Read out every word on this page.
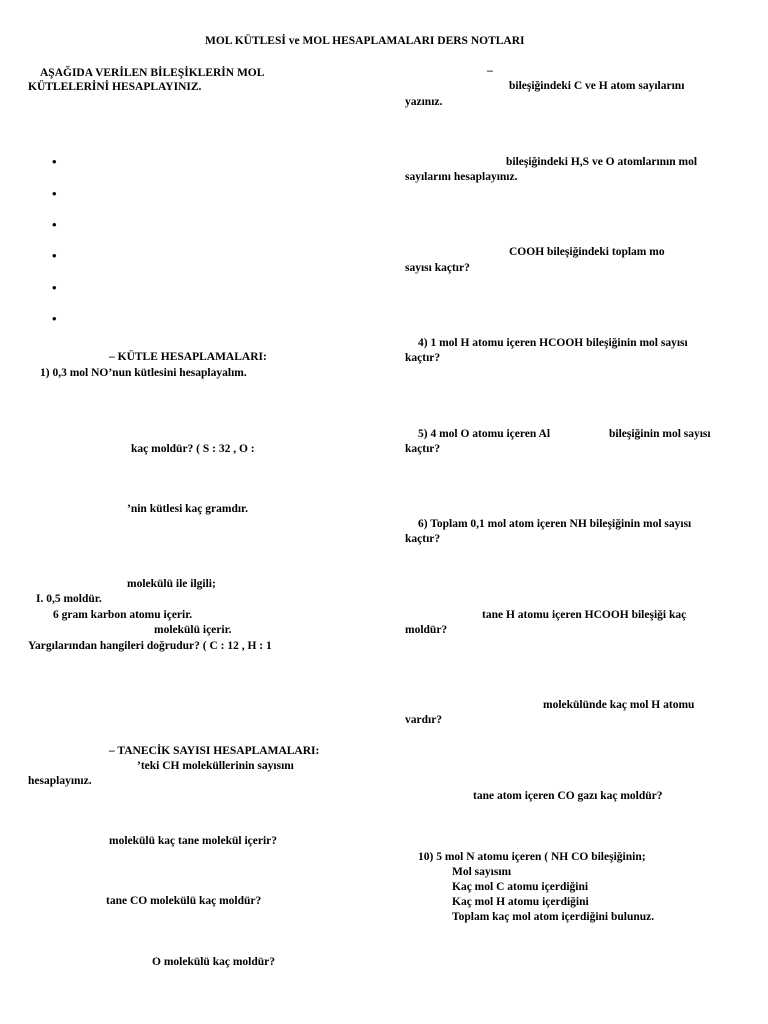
MOL KÜTLESİ ve MOL HESAPLAMALARI DERS NOTLARI
AŞAĞIDA VERİLEN BİLEŞİKLERİN MOL
KÜTLELERİNİ HESAPLAYINIZ.
•
•
•
•
•
•
– KÜTLE HESAPLAMALARI:
1) 0,3 mol NO’nun kütlesini hesaplayalım.
kaç moldür? ( S : 32 , O :
’nin kütlesi kaç gramdır.
molekülü ile ilgili;
I. 0,5 moldür.
6 gram karbon atomu içerir.
molekülü içerir.
Yargılarından hangileri doğrudur? ( C : 12 , H : 1
– TANECİK SAYISI HESAPLAMALARI:
’teki CH moleküllerinin sayısını
hesaplayınız.
molekülü kaç tane molekül içerir?
tane CO molekülü kaç moldür?
O molekülü kaç moldür?
–
bileşiğindeki C ve H atom sayılarını
yazınız.
bileşiğindeki H,S ve O atomlarının mol
sayılarını hesaplayınız.
COOH bileşiğindeki toplam mo
sayısı kaçtır?
4) 1 mol H atomu içeren HCOOH bileşiğinin mol sayısı
kaçtır?
5) 4 mol O atomu içeren Al	bileşiğinin mol sayısı
kaçtır?
6) Toplam 0,1 mol atom içeren NH bileşiğinin mol sayısı
kaçtır?
tane H atomu içeren HCOOH bileşiği kaç
moldür?
molekülünde kaç mol H atomu
vardır?
tane atom içeren CO gazı kaç moldür?
10) 5 mol N atomu içeren ( NH CO bileşiğinin;
Mol sayısını
Kaç mol C atomu içerdiğini
Kaç mol H atomu içerdiğini
Toplam kaç mol atom içerdiğini bulunuz.
